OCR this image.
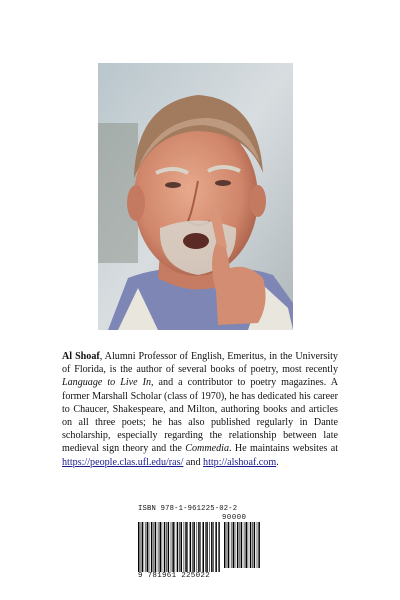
Al Shoaf, Alumni Professor of English, Emeritus, in the University of Florida, is the author of several books of poetry, most recently Language to Live In, and a contributor to poetry magazines. A former Marshall Scholar (class of 1970), he has dedicated his career to Chaucer, Shakespeare, and Milton, authoring books and articles on all three poets; he has also published regularly in Dante scholarship, especially regarding the relationship between late medieval sign theory and the Commedia. He maintains websites at https://people.clas.ufl.edu/ras/ and http://alshoaf.com.

ISBN 978-1-961225-02-2
90000
9 781961 225022
